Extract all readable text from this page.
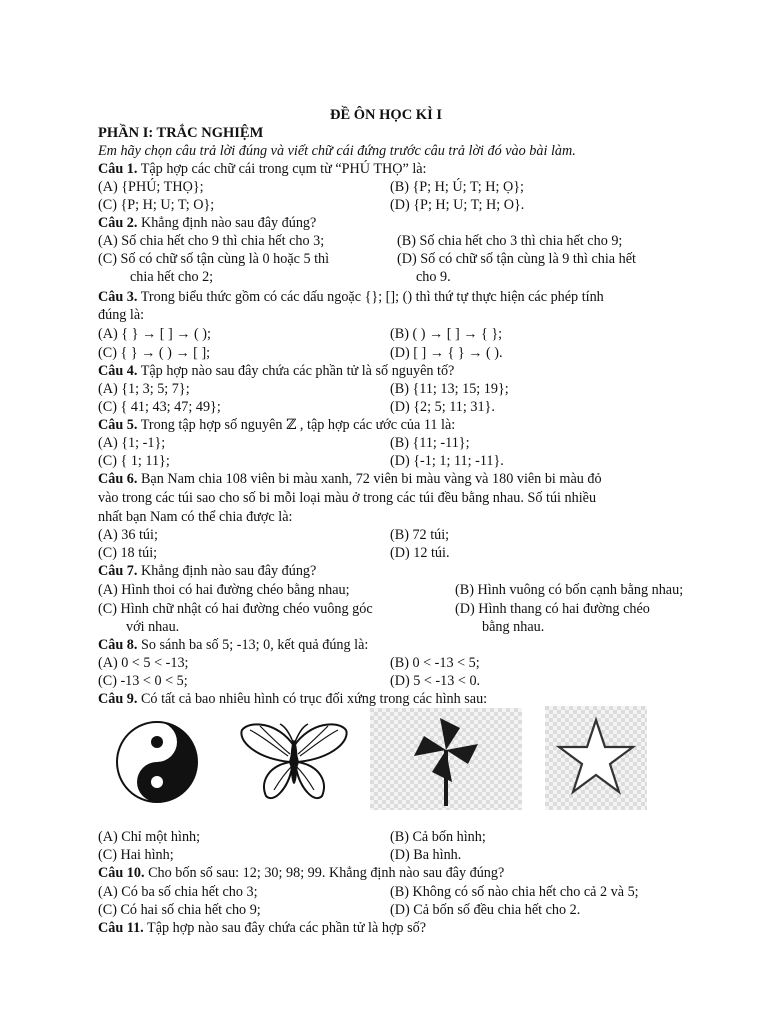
ĐỀ ÔN HỌC KÌ I
PHẦN I: TRẮC NGHIỆM
Em hãy chọn câu trả lời đúng và viết chữ cái đứng trước câu trả lời đó vào bài làm.
Câu 1. Tập hợp các chữ cái trong cụm từ “PHÚ THỌ” là:
(A) {PHÚ; THỌ};	(B) {P; H; Ú; T; H; Ọ};
(C) {P; H; U; T; O};	(D) {P; H; U; T; H; O}.
Câu 2. Khẳng định nào sau đây đúng?
(A) Số chia hết cho 9 thì chia hết cho 3;	(B) Số chia hết cho 3 thì chia hết cho 9;
(C) Số có chữ số tận cùng là 0 hoặc 5 thì
chia hết cho 2;
(D) Số có chữ số tận cùng là 9 thì chia hết
cho 9.
Câu 3. Trong biểu thức gồm có các dấu ngoặc {}; []; () thì thứ tự thực hiện các phép tính
đúng là:
(A) { } → [ ] → ( );	(B) ( ) → [ ] → { };
(C) { } → ( ) → [ ];	(D) [ ] → { } → ( ).
Câu 4. Tập hợp nào sau đây chứa các phần tử là số nguyên tố?
(A) {1; 3; 5; 7};	(B) {11; 13; 15; 19};
(C) { 41; 43; 47; 49};	(D) {2; 5; 11; 31}.
Câu 5. Trong tập hợp số nguyên ℤ , tập hợp các ước của 11 là:
(A) {1; -1};	(B) {11; -11};
(C) { 1; 11};	(D) {-1; 1; 11; -11}.
Câu 6. Bạn Nam chia 108 viên bi màu xanh, 72 viên bi màu vàng và 180 viên bi màu đỏ
vào trong các túi sao cho số bi mỗi loại màu ở trong các túi đều bằng nhau. Số túi nhiều
nhất bạn Nam có thể chia được là:
(A) 36 túi;	(B) 72 túi;
(C) 18 túi;	(D) 12 túi.
Câu 7. Khẳng định nào sau đây đúng?
(A) Hình thoi có hai đường chéo bằng nhau;	(B) Hình vuông có bốn cạnh bằng nhau;
(C) Hình chữ nhật có hai đường chéo vuông góc
với nhau.
(D) Hình thang có hai đường chéo
bằng nhau.
Câu 8. So sánh ba số 5; -13; 0, kết quả đúng là:
(A) 0 < 5 < -13;	(B) 0 < -13 < 5;
(C) -13 < 0 < 5;	(D) 5 < -13 < 0.
Câu 9. Có tất cả bao nhiêu hình có trục đối xứng trong các hình sau:
(A) Chỉ một hình;	(B) Cả bốn hình;
(C) Hai hình;	(D) Ba hình.
Câu 10. Cho bốn số sau: 12; 30; 98; 99. Khẳng định nào sau đây đúng?
(A) Có ba số chia hết cho 3;	(B) Không có số nào chia hết cho cả 2 và 5;
(C) Có hai số chia hết cho 9;	(D) Cả bốn số đều chia hết cho 2.
Câu 11. Tập hợp nào sau đây chứa các phần tử là hợp số?
